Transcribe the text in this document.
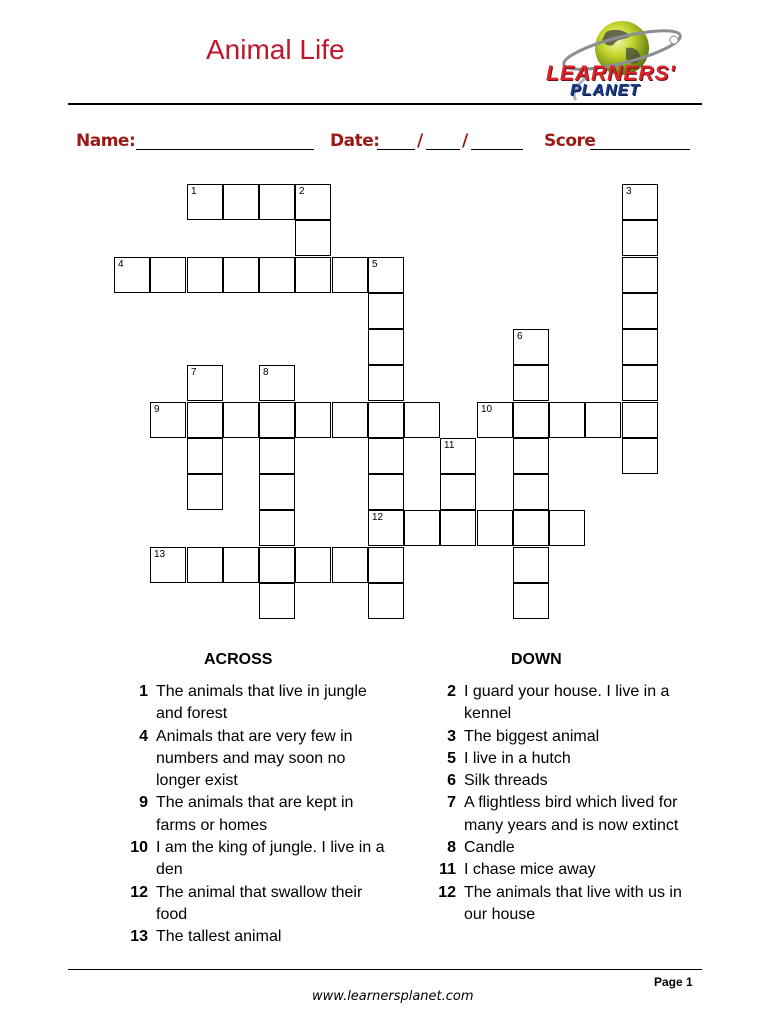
Animal Life
LEARNERS'
PLANET
Name:	Date: / /	Score
1	2
4	5
9	10
12
13
3
6
7	8
11
ACROSS	DOWN
1 The animals that live in jungle and forest
4 Animals that are very few in numbers and may soon no longer exist
9 The animals that are kept in farms or homes
10 I am the king of jungle. I live in a den
12 The animal that swallow their food
13 The tallest animal
2 I guard your house. I live in a kennel
3 The biggest animal
5 I live in a hutch
6 Silk threads
7 A flightless bird which lived for many years and is now extinct
8 Candle
11 I chase mice away
12 The animals that live with us in our house
Page 1
www.learnersplanet.com
